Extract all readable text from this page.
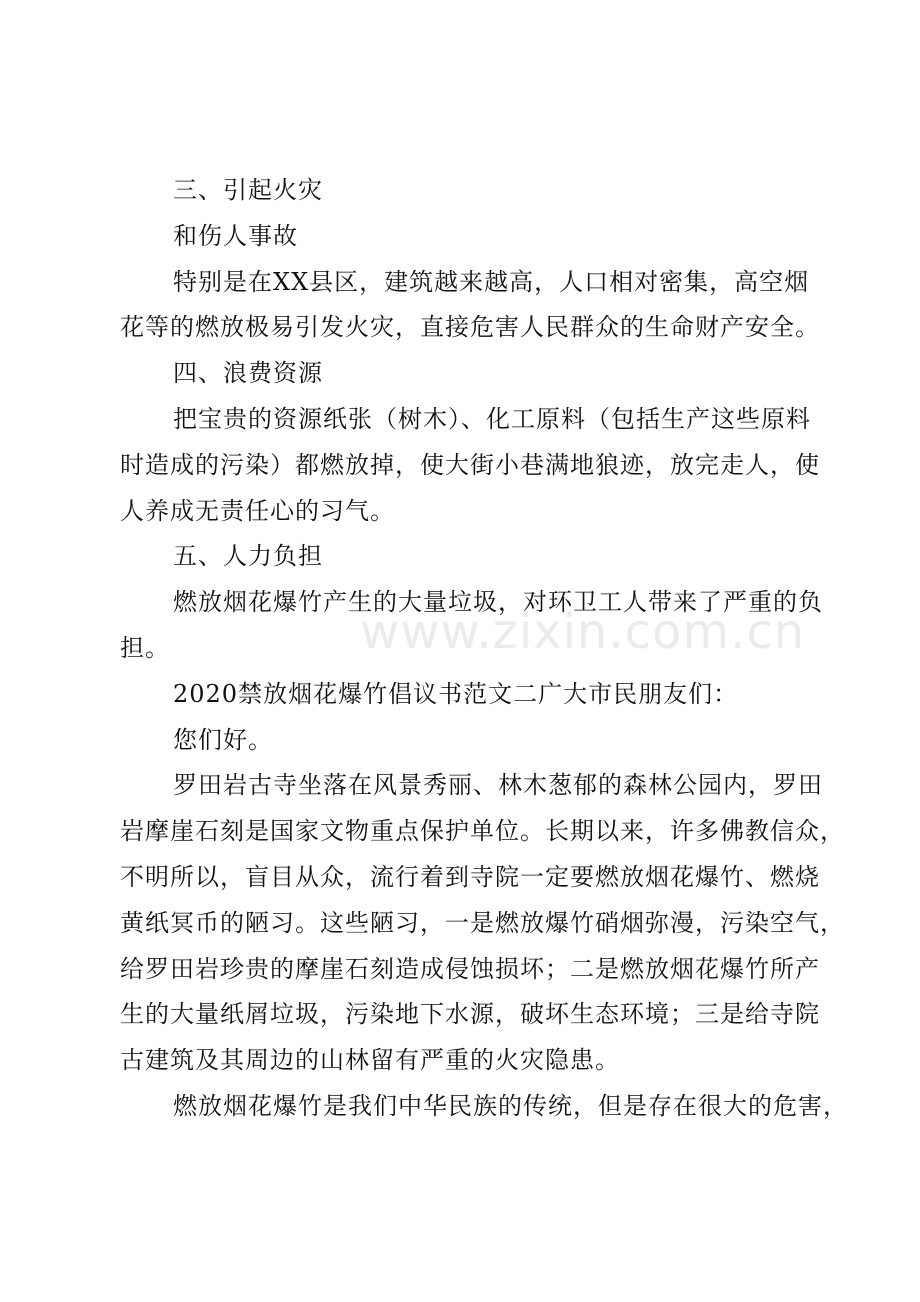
www.zixin.com.cn
三、引起火灾
和伤人事故
特别是在XX县区，建筑越来越高，人口相对密集，高空烟
花等的燃放极易引发火灾，直接危害人民群众的生命财产安全。
四、浪费资源
把宝贵的资源纸张（树木）、化工原料（包括生产这些原料
时造成的污染）都燃放掉，使大街小巷满地狼迹，放完走人，使
人养成无责任心的习气。
五、人力负担
燃放烟花爆竹产生的大量垃圾，对环卫工人带来了严重的负
担。
2020禁放烟花爆竹倡议书范文二广大市民朋友们：
您们好。
罗田岩古寺坐落在风景秀丽、林木葱郁的森林公园内，罗田
岩摩崖石刻是国家文物重点保护单位。长期以来，许多佛教信众，
不明所以，盲目从众，流行着到寺院一定要燃放烟花爆竹、燃烧
黄纸冥币的陋习。这些陋习，一是燃放爆竹硝烟弥漫，污染空气，
给罗田岩珍贵的摩崖石刻造成侵蚀损坏；二是燃放烟花爆竹所产
生的大量纸屑垃圾，污染地下水源，破坏生态环境；三是给寺院
古建筑及其周边的山林留有严重的火灾隐患。
燃放烟花爆竹是我们中华民族的传统，但是存在很大的危害，
